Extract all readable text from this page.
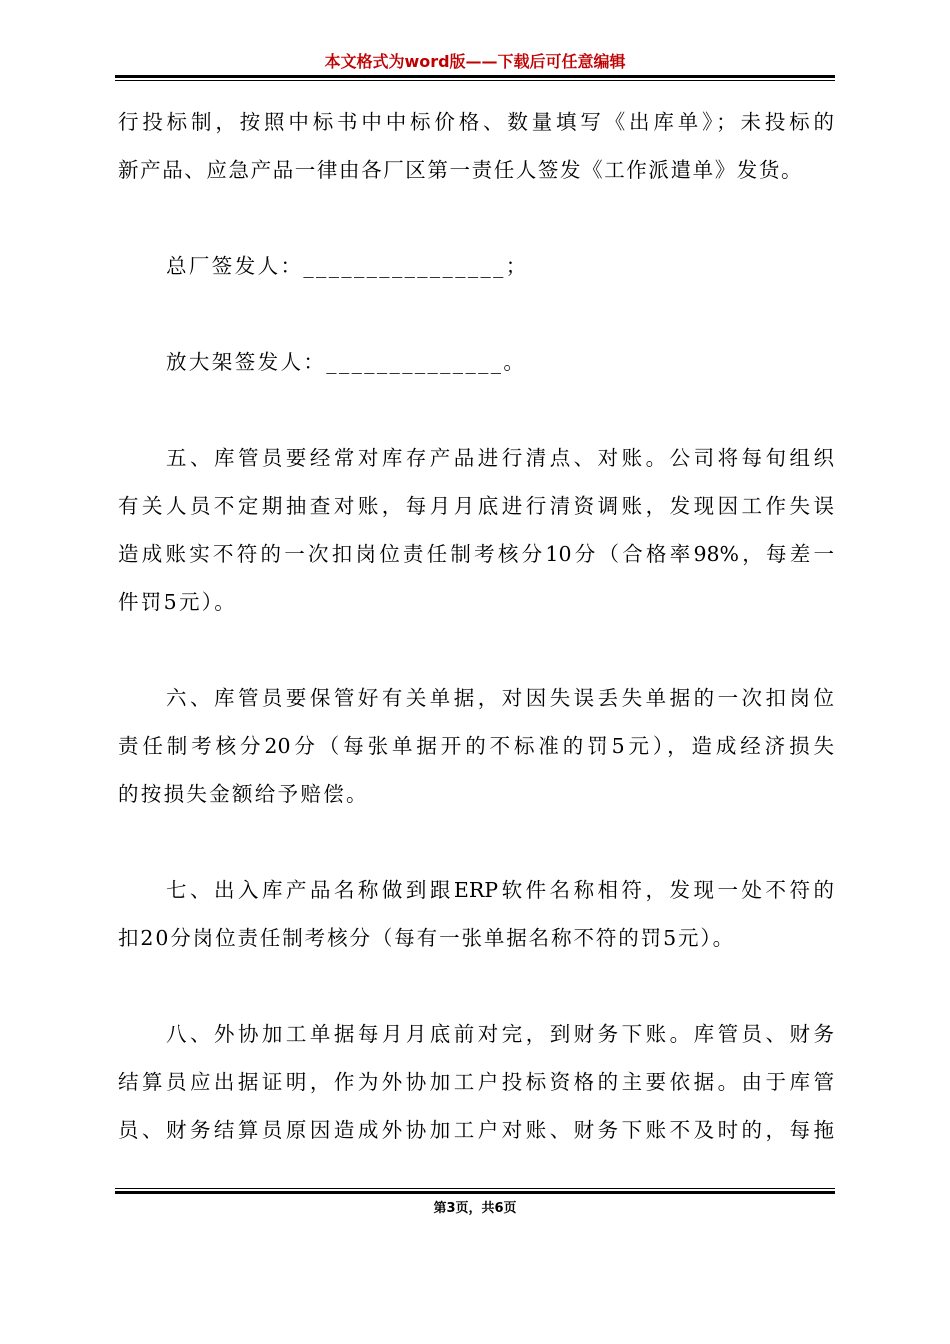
本文格式为word版——下载后可任意编辑
行投标制，按照中标书中中标价格、数量填写《出库单》；未投标的
新产品、应急产品一律由各厂区第一责任人签发《工作派遣单》发货。
总厂签发人：________________；
放大架签发人：______________。
五、库管员要经常对库存产品进行清点、对账。公司将每旬组织
有关人员不定期抽查对账，每月月底进行清资调账，发现因工作失误
造成账实不符的一次扣岗位责任制考核分10分（合格率98%，每差一
件罚5元）。
六、库管员要保管好有关单据，对因失误丢失单据的一次扣岗位
责任制考核分20分（每张单据开的不标准的罚5元），造成经济损失
的按损失金额给予赔偿。
七、出入库产品名称做到跟ERP软件名称相符，发现一处不符的
扣20分岗位责任制考核分（每有一张单据名称不符的罚5元）。
八、外协加工单据每月月底前对完，到财务下账。库管员、财务
结算员应出据证明，作为外协加工户投标资格的主要依据。由于库管
员、财务结算员原因造成外协加工户对账、财务下账不及时的，每拖
第3页，共6页
